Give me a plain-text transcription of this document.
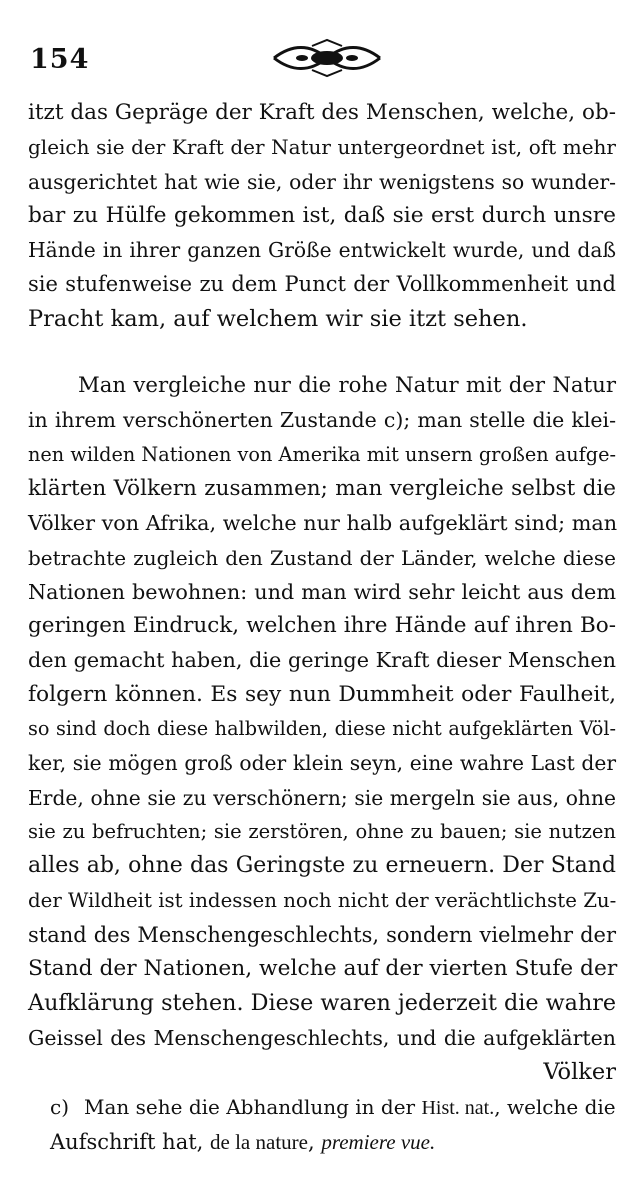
154
itzt das Gepräge der Kraft des Menschen, welche, ob-
gleich sie der Kraft der Natur untergeordnet ist, oft mehr
ausgerichtet hat wie sie, oder ihr wenigstens so wunder-
bar zu Hülfe gekommen ist, daß sie erst durch unsre
Hände in ihrer ganzen Größe entwickelt wurde, und daß
sie stufenweise zu dem Punct der Vollkommenheit und
Pracht kam, auf welchem wir sie itzt sehen.
Man vergleiche nur die rohe Natur mit der Natur
in ihrem verschönerten Zustande c); man stelle die klei-
nen wilden Nationen von Amerika mit unsern großen aufge-
klärten Völkern zusammen; man vergleiche selbst die
Völker von Afrika, welche nur halb aufgeklärt sind; man
betrachte zugleich den Zustand der Länder, welche diese
Nationen bewohnen: und man wird sehr leicht aus dem
geringen Eindruck, welchen ihre Hände auf ihren Bo-
den gemacht haben, die geringe Kraft dieser Menschen
folgern können. Es sey nun Dummheit oder Faulheit,
so sind doch diese halbwilden, diese nicht aufgeklärten Völ-
ker, sie mögen groß oder klein seyn, eine wahre Last der
Erde, ohne sie zu verschönern; sie mergeln sie aus, ohne
sie zu befruchten; sie zerstören, ohne zu bauen; sie nutzen
alles ab, ohne das Geringste zu erneuern. Der Stand
der Wildheit ist indessen noch nicht der verächtlichste Zu-
stand des Menschengeschlechts, sondern vielmehr der
Stand der Nationen, welche auf der vierten Stufe der
Aufklärung stehen. Diese waren jederzeit die wahre
Geissel des Menschengeschlechts, und die aufgeklärten
Völker
c) Man sehe die Abhandlung in der Hist. nat., welche die
Aufschrift hat, de la nature, premiere vue.
